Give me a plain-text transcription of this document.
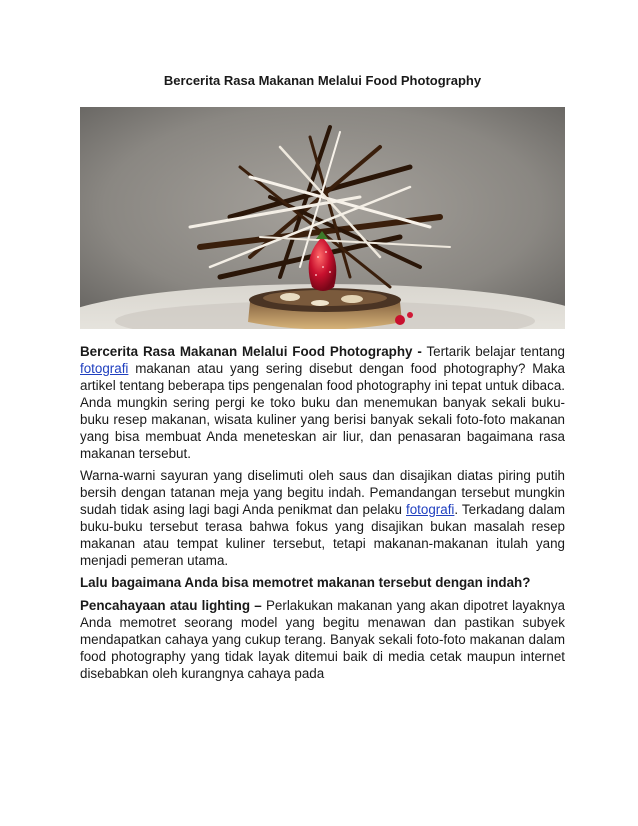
Bercerita Rasa Makanan Melalui Food Photography

Bercerita Rasa Makanan Melalui Food Photography - Tertarik belajar tentang fotografi makanan atau yang sering disebut dengan food photography? Maka artikel tentang beberapa tips pengenalan food photography ini tepat untuk dibaca. Anda mungkin sering pergi ke toko buku dan menemukan banyak sekali buku-buku resep makanan, wisata kuliner yang berisi banyak sekali foto-foto makanan yang bisa membuat Anda meneteskan air liur, dan penasaran bagaimana rasa makanan tersebut.

Warna-warni sayuran yang diselimuti oleh saus dan disajikan diatas piring putih bersih dengan tatanan meja yang begitu indah. Pemandangan tersebut mungkin sudah tidak asing lagi bagi Anda penikmat dan pelaku fotografi. Terkadang dalam buku-buku tersebut terasa bahwa fokus yang disajikan bukan masalah resep makanan atau tempat kuliner tersebut, tetapi makanan-makanan itulah yang menjadi pemeran utama.

Lalu bagaimana Anda bisa memotret makanan tersebut dengan indah?

Pencahayaan atau lighting – Perlakukan makanan yang akan dipotret layaknya Anda memotret seorang model yang begitu menawan dan pastikan subyek mendapatkan cahaya yang cukup terang. Banyak sekali foto-foto makanan dalam food photography yang tidak layak ditemui baik di media cetak maupun internet disebabkan oleh kurangnya cahaya pada
